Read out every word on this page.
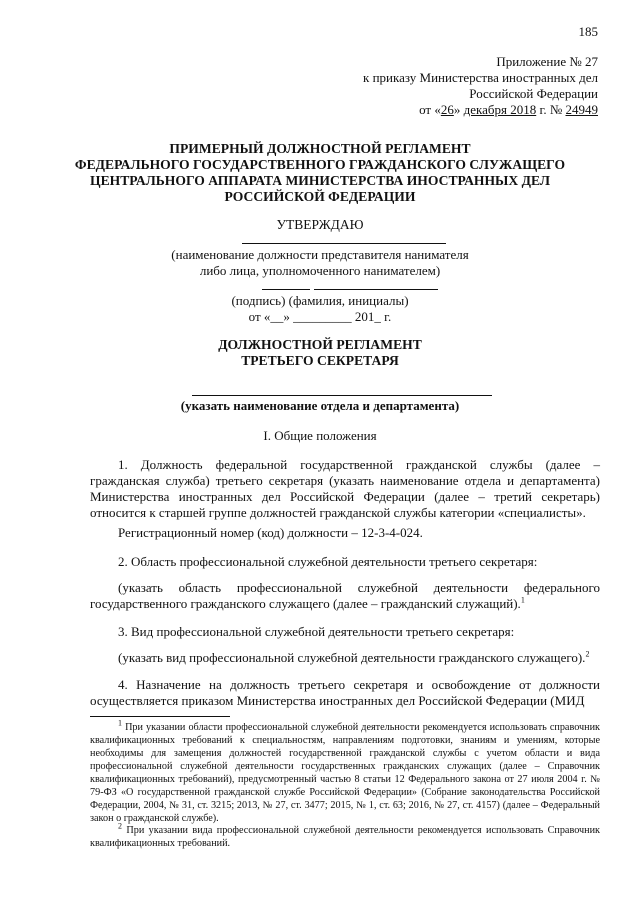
185
Приложение № 27
к приказу Министерства иностранных дел
Российской Федерации
от «26» декабря 2018 г. № 24949
ПРИМЕРНЫЙ ДОЛЖНОСТНОЙ РЕГЛАМЕНТ
ФЕДЕРАЛЬНОГО ГОСУДАРСТВЕННОГО ГРАЖДАНСКОГО СЛУЖАЩЕГО
ЦЕНТРАЛЬНОГО АППАРАТА МИНИСТЕРСТВА ИНОСТРАННЫХ ДЕЛ
РОССИЙСКОЙ ФЕДЕРАЦИИ
УТВЕРЖДАЮ
(наименование должности представителя нанимателя
либо лица, уполномоченного нанимателем)
(подпись) (фамилия, инициалы)
от «__» _________ 201_ г.
ДОЛЖНОСТНОЙ РЕГЛАМЕНТ
ТРЕТЬЕГО СЕКРЕТАРЯ
(указать наименование отдела и департамента)
I. Общие положения
1. Должность федеральной государственной гражданской службы (далее – гражданская служба) третьего секретаря (указать наименование отдела и департамента) Министерства иностранных дел Российской Федерации (далее – третий секретарь) относится к старшей группе должностей гражданской службы категории «специалисты».
Регистрационный номер (код) должности – 12-3-4-024.
2. Область профессиональной служебной деятельности третьего секретаря:
(указать область профессиональной служебной деятельности федерального государственного гражданского служащего (далее – гражданский служащий).$^1$
3. Вид профессиональной служебной деятельности третьего секретаря:
(указать вид профессиональной служебной деятельности гражданского служащего).$^2$
4. Назначение на должность третьего секретаря и освобождение от должности осуществляется приказом Министерства иностранных дел Российской Федерации (МИД
$^1$ При указании области профессиональной служебной деятельности рекомендуется использовать справочник квалификационных требований к специальностям, направлениям подготовки, знаниям и умениям, которые необходимы для замещения должностей государственной гражданской службы с учетом области и вида профессиональной служебной деятельности государственных гражданских служащих (далее – Справочник квалификационных требований), предусмотренный частью 8 статьи 12 Федерального закона от 27 июля 2004 г. № 79-ФЗ «О государственной гражданской службе Российской Федерации» (Собрание законодательства Российской Федерации, 2004, № 31, ст. 3215; 2013, № 27, ст. 3477; 2015, № 1, ст. 63; 2016, № 27, ст. 4157) (далее – Федеральный закон о гражданской службе).
$^2$ При указании вида профессиональной служебной деятельности рекомендуется использовать Справочник квалификационных требований.
